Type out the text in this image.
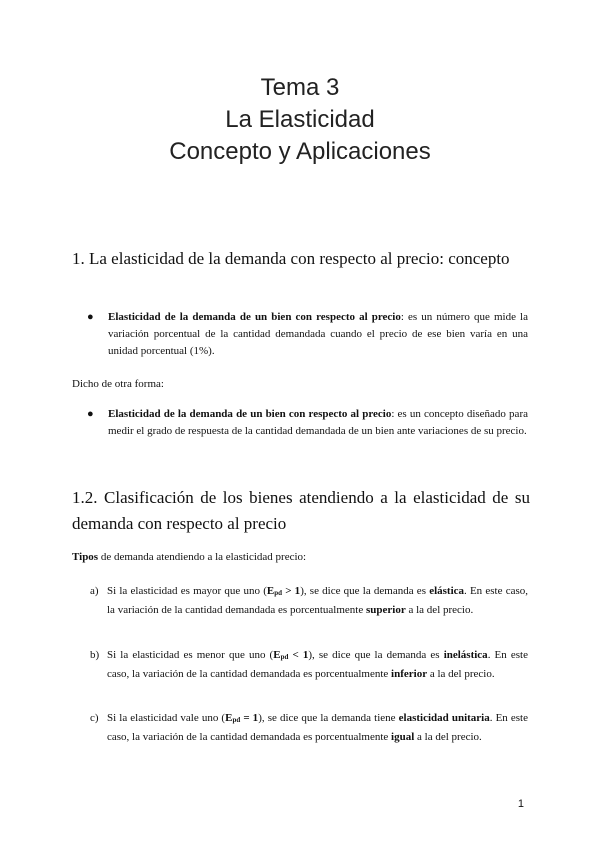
Tema 3
La Elasticidad
Concepto y Aplicaciones
1. La elasticidad de la demanda con respecto al precio: concepto
● Elasticidad de la demanda de un bien con respecto al precio: es un número que mide la variación porcentual de la cantidad demandada cuando el precio de ese bien varía en una unidad porcentual (1%).
Dicho de otra forma:
● Elasticidad de la demanda de un bien con respecto al precio: es un concepto diseñado para medir el grado de respuesta de la cantidad demandada de un bien ante variaciones de su precio.
1.2. Clasificación de los bienes atendiendo a la elasticidad de su demanda con respecto al precio
Tipos de demanda atendiendo a la elasticidad precio:
a) Si la elasticidad es mayor que uno (Epd > 1), se dice que la demanda es elástica. En este caso, la variación de la cantidad demandada es porcentualmente superior a la del precio.
b) Si la elasticidad es menor que uno (Epd < 1), se dice que la demanda es inelástica. En este caso, la variación de la cantidad demandada es porcentualmente inferior a la del precio.
c) Si la elasticidad vale uno (Epd = 1), se dice que la demanda tiene elasticidad unitaria. En este caso, la variación de la cantidad demandada es porcentualmente igual a la del precio.
1
